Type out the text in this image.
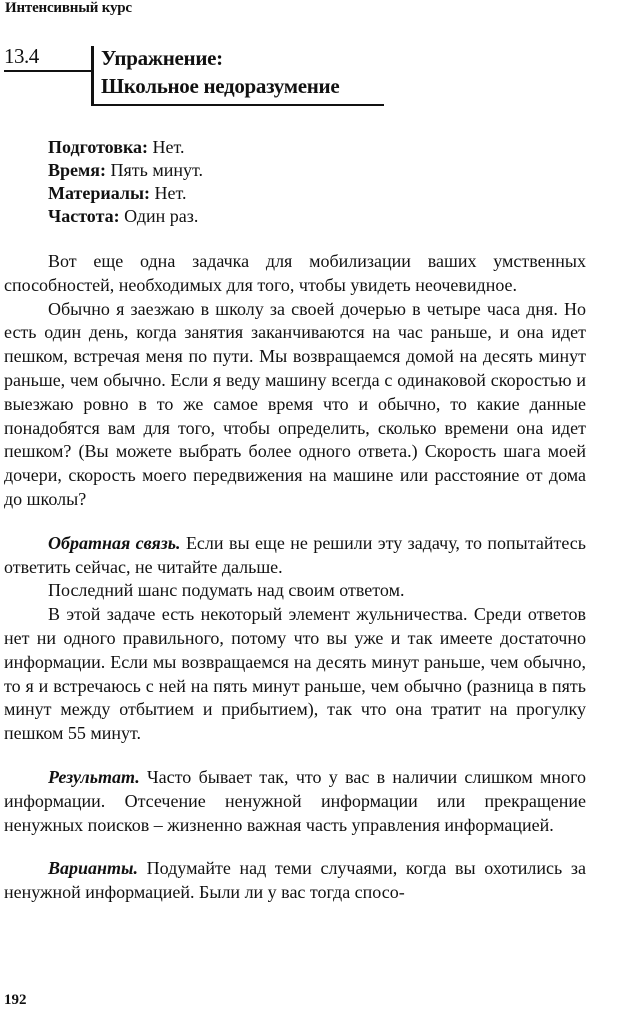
Интенсивный курс
13.4	Упражнение:
Школьное недоразумение
Подготовка: Нет.
Время: Пять минут.
Материалы: Нет.
Частота: Один раз.

Вот еще одна задачка для мобилизации ваших умственных способностей, необходимых для того, чтобы увидеть неочевидное.

Обычно я заезжаю в школу за своей дочерью в четыре часа дня. Но есть один день, когда занятия заканчиваются на час раньше, и она идет пешком, встречая меня по пути. Мы возвращаемся домой на десять минут раньше, чем обычно. Если я веду машину всегда с одинаковой скоростью и выезжаю ровно в то же самое время что и обычно, то какие данные понадобятся вам для того, чтобы определить, сколько времени она идет пешком? (Вы можете выбрать более одного ответа.) Скорость шага моей дочери, скорость моего передвижения на машине или расстояние от дома до школы?

Обратная связь. Если вы еще не решили эту задачу, то попытайтесь ответить сейчас, не читайте дальше.

Последний шанс подумать над своим ответом.

В этой задаче есть некоторый элемент жульничества. Среди ответов нет ни одного правильного, потому что вы уже и так имеете достаточно информации. Если мы возвращаемся на десять минут раньше, чем обычно, то я и встречаюсь с ней на пять минут раньше, чем обычно (разница в пять минут между отбытием и прибытием), так что она тратит на прогулку пешком 55 минут.

Результат. Часто бывает так, что у вас в наличии слишком много информации. Отсечение ненужной информации или прекращение ненужных поисков – жизненно важная часть управления информацией.

Варианты. Подумайте над теми случаями, когда вы охотились за ненужной информацией. Были ли у вас тогда спосо-

192
